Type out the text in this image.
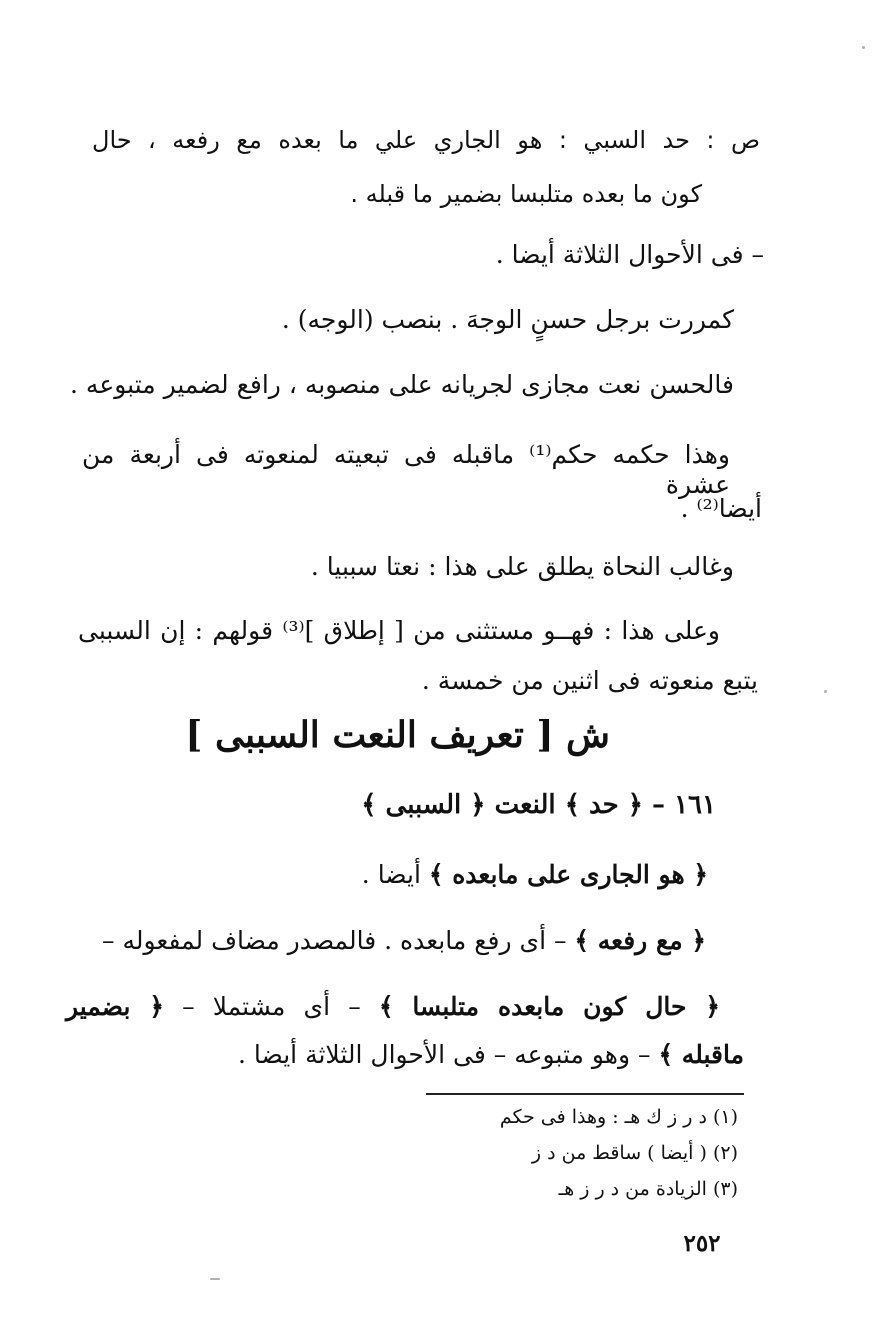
ص : حد السبي : هو الجاري علي ما بعده مع رفعه ، حال
كون ما بعده متلبسا بضمير ما قبله .
– فى الأحوال الثلاثة أيضا .
كمررت برجل حسنٍ الوجهَ . بنصب (الوجه) .
فالحسن نعت مجازى لجريانه على منصوبه ، رافع لضمير متبوعه .
وهذا حكمه حكم⁽¹⁾ ماقبله فى تبعيته لمنعوته فى أربعة من عشرة
أيضا⁽²⁾ .
وغالب النحاة يطلق على هذا : نعتا سببيا .
وعلى هذا : فهــو مستثنى من [ إطلاق ]⁽³⁾ قولهم : إن السببى
يتبع منعوته فى اثنين من خمسة .
ش [ تعريف النعت السببى ]
١٦١ – ﴿ حد ﴾ النعت ﴿ السببى ﴾
﴿ هو الجارى على مابعده ﴾ أيضا .
﴿ مع رفعه ﴾ – أى رفع مابعده . فالمصدر مضاف لمفعوله –
﴿ حال كون مابعده متلبسا ﴾ – أى مشتملا – ﴿ بضمير
ماقبله ﴾ – وهو متبوعه – فى الأحوال الثلاثة أيضا .
(١) د ر ز ك هـ : وهذا فى حكم
(٢) ( أيضا ) ساقط من د ز
(٣) الزيادة من د ر ز هـ
٢٥٢
